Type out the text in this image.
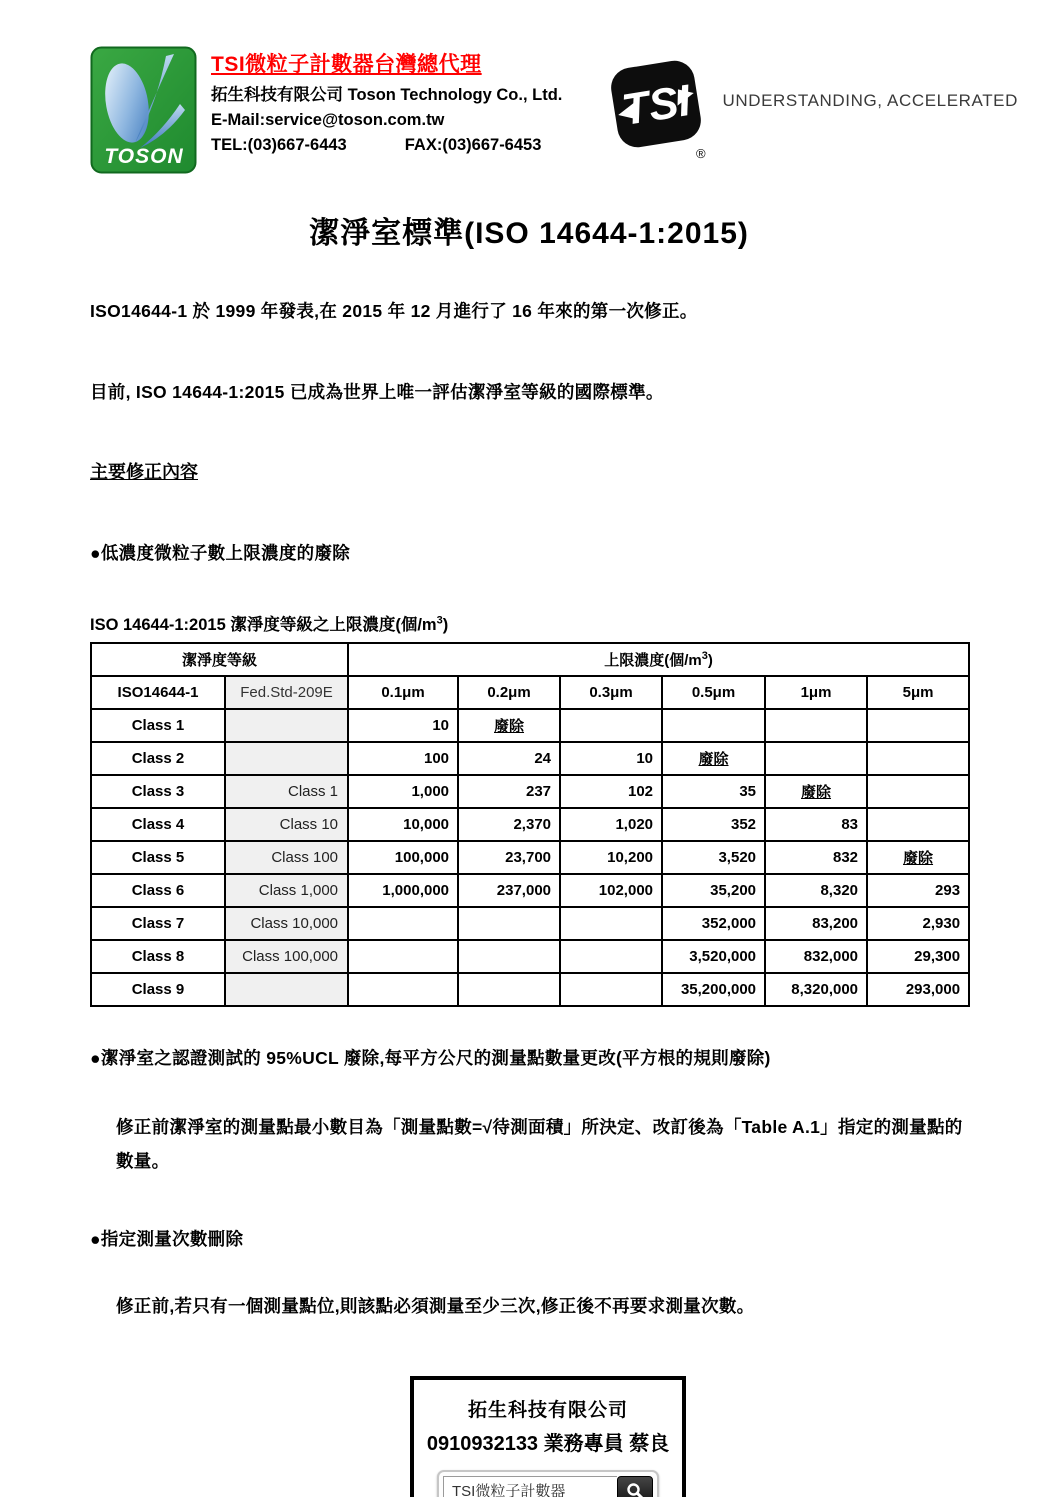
TOSON
TSI微粒子計數器台灣總代理
拓生科技有限公司 Toson Technology Co., Ltd.
E-Mail:service@toson.com.tw
TEL:(03)667-6443	FAX:(03)667-6453
TSI
®
UNDERSTANDING, ACCELERATED
潔淨室標準(ISO 14644-1:2015)
ISO14644-1 於 1999 年發表,在 2015 年 12 月進行了 16 年來的第一次修正。
目前, ISO 14644-1:2015 已成為世界上唯一評估潔淨室等級的國際標準。
主要修正內容
●低濃度微粒子數上限濃度的廢除
ISO 14644-1:2015 潔淨度等級之上限濃度(個$/m^3$)
潔淨度等級		上限濃度(個$/m^3$)					
ISO14644-1	Fed.Std-209E	0.1μm	0.2μm	0.3μm	0.5μm	1μm	5μm
Class 1		10	廢除				
Class 2		100	24	10	廢除		
Class 3	Class 1	1,000	237	102	35	廢除	
Class 4	Class 10	10,000	2,370	1,020	352	83	
Class 5	Class 100	100,000	23,700	10,200	3,520	832	廢除
Class 6	Class 1,000	1,000,000	237,000	102,000	35,200	8,320	293
Class 7	Class 10,000				352,000	83,200	2,930
Class 8	Class 100,000				3,520,000	832,000	29,300
Class 9					35,200,000	8,320,000	293,000
●潔淨室之認證測試的 95%UCL 廢除,每平方公尺的測量點數量更改(平方根的規則廢除)
修正前潔淨室的測量點最小數目為「測量點數=√待測面積」所決定、改訂後為「Table A.1」指定的測量點的數量。
●指定測量次數刪除
修正前,若只有一個測量點位,則該點必須測量至少三次,修正後不再要求測量次數。
拓生科技有限公司
0910932133 業務專員 蔡良
TSI微粒子計數器
